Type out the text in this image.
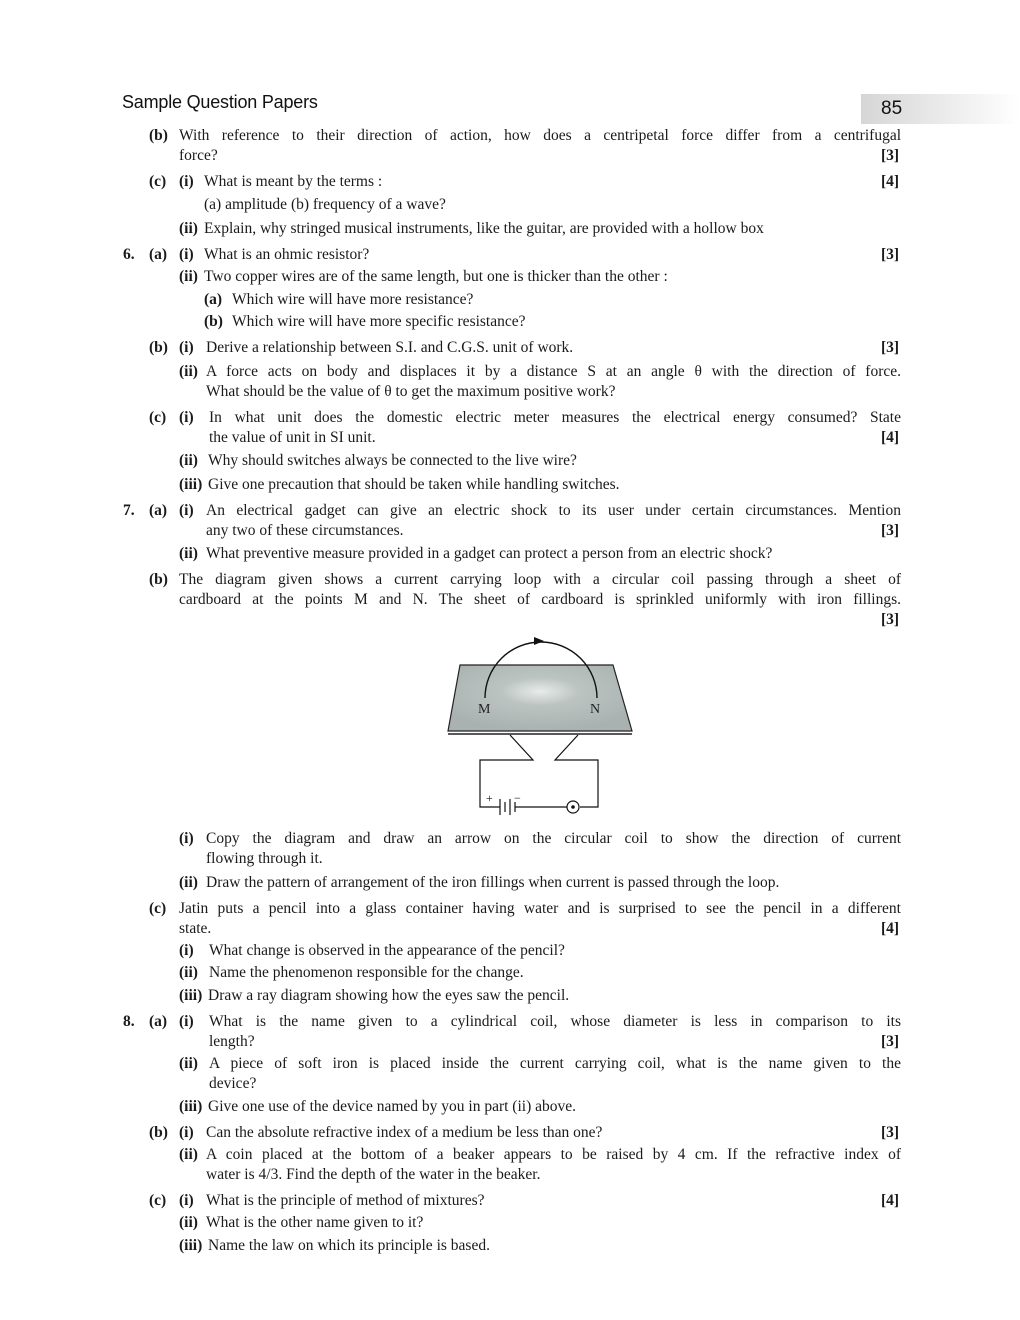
Sample Question Papers	85
(b) With reference to their direction of action, how does a centripetal force differ from a centrifugal
force?	[3]
(c) (i) What is meant by the terms :	[4]
(a) amplitude (b) frequency of a wave?
(ii) Explain, why stringed musical instruments, like the guitar, are provided with a hollow box
6. (a) (i) What is an ohmic resistor?	[3]
(ii) Two copper wires are of the same length, but one is thicker than the other :
(a) Which wire will have more resistance?
(b) Which wire will have more specific resistance?
(b) (i) Derive a relationship between S.I. and C.G.S. unit of work.	[3]
(ii) A force acts on body and displaces it by a distance S at an angle θ with the direction of force.
What should be the value of θ to get the maximum positive work?
(c) (i) In what unit does the domestic electric meter measures the electrical energy consumed? State
the value of unit in SI unit.	[4]
(ii) Why should switches always be connected to the live wire?
(iii) Give one precaution that should be taken while handling switches.
7. (a) (i) An electrical gadget can give an electric shock to its user under certain circumstances. Mention
any two of these circumstances.	[3]
(ii) What preventive measure provided in a gadget can protect a person from an electric shock?
(b) The diagram given shows a current carrying loop with a circular coil passing through a sheet of
cardboard at the points M and N. The sheet of cardboard is sprinkled uniformly with iron fillings.
[3]
(i) Copy the diagram and draw an arrow on the circular coil to show the direction of current
flowing through it.
(ii) Draw the pattern of arrangement of the iron fillings when current is passed through the loop.
(c) Jatin puts a pencil into a glass container having water and is surprised to see the pencil in a different
state.	[4]
(i) What change is observed in the appearance of the pencil?
(ii) Name the phenomenon responsible for the change.
(iii) Draw a ray diagram showing how the eyes saw the pencil.
8. (a) (i) What is the name given to a cylindrical coil, whose diameter is less in comparison to its
length?	[3]
(ii) A piece of soft iron is placed inside the current carrying coil, what is the name given to the
device?
(iii) Give one use of the device named by you in part (ii) above.
(b) (i) Can the absolute refractive index of a medium be less than one?	[3]
(ii) A coin placed at the bottom of a beaker appears to be raised by 4 cm. If the refractive index of
water is 4/3. Find the depth of the water in the beaker.
(c) (i) What is the principle of method of mixtures?	[4]
(ii) What is the other name given to it?
(iii) Name the law on which its principle is based.
M	N
+ −
